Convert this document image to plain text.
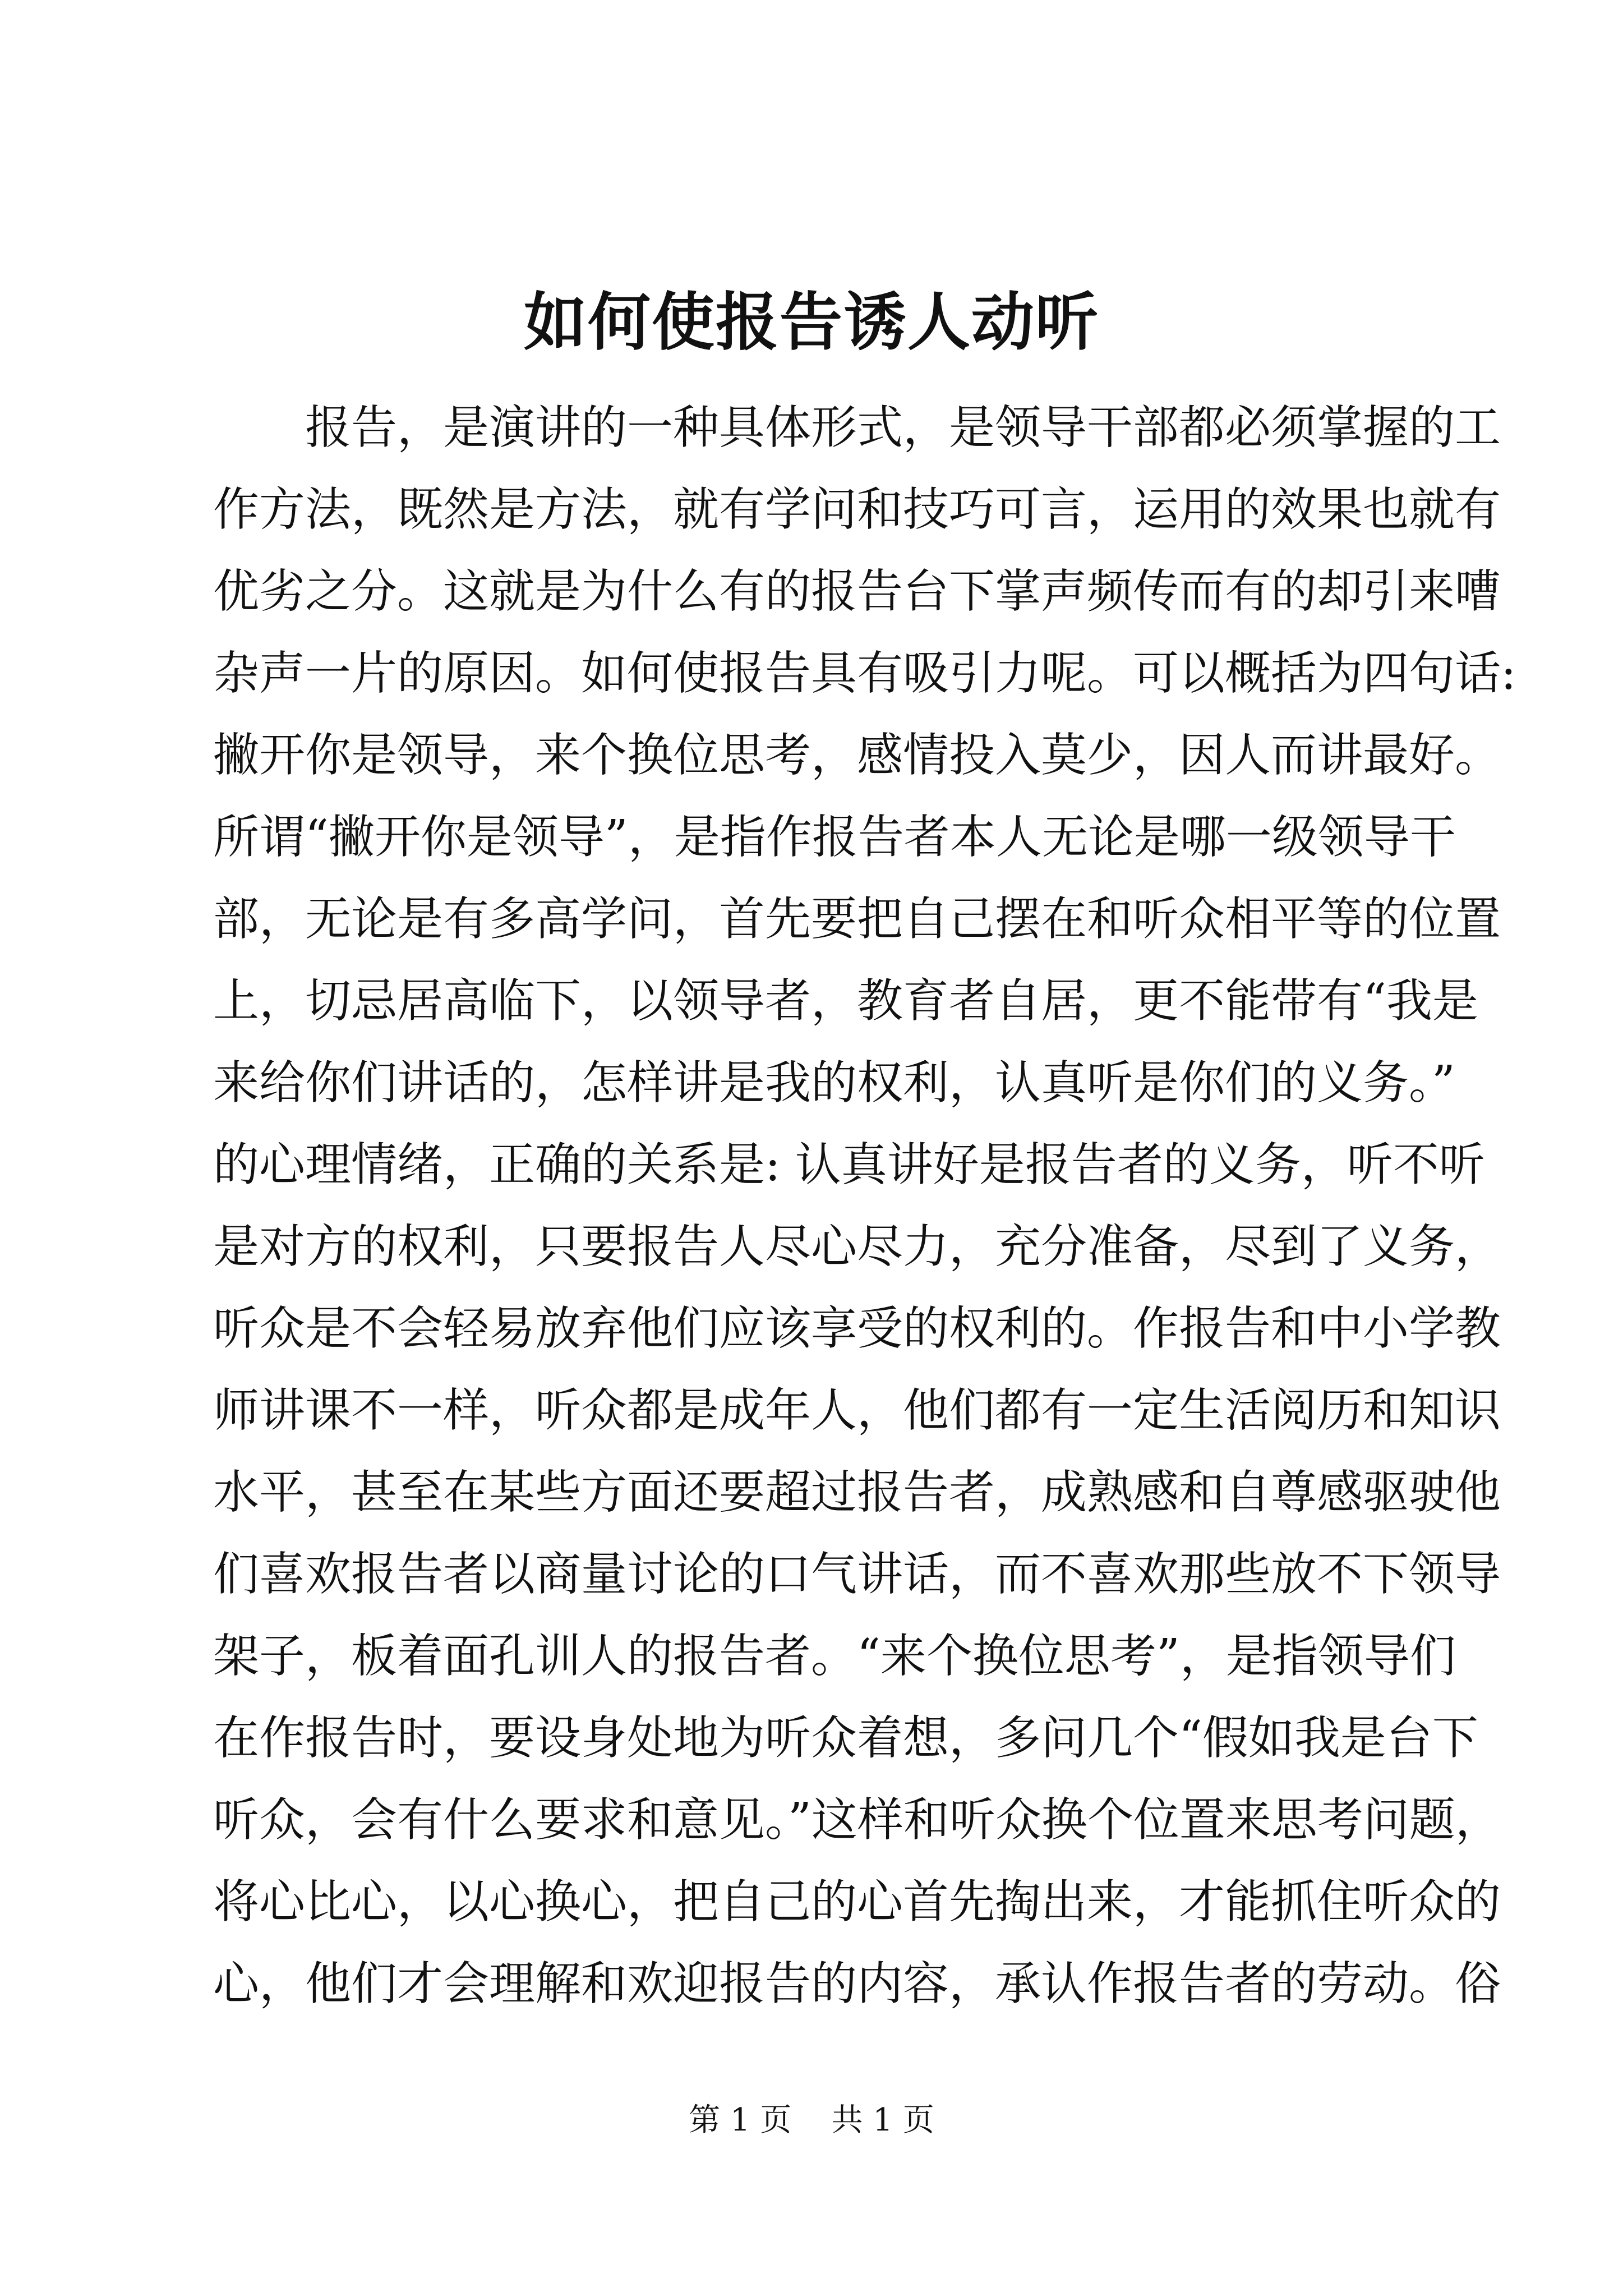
如何使报告诱人动听
报告，是演讲的一种具体形式，是领导干部都必须掌握的工
作方法，既然是方法，就有学问和技巧可言，运用的效果也就有
优劣之分。这就是为什么有的报告台下掌声频传而有的却引来嘈
杂声一片的原因。如何使报告具有吸引力呢。可以概括为四句话:
撇开你是领导，来个换位思考，感情投入莫少，因人而讲最好。
所谓“撇开你是领导”，是指作报告者本人无论是哪一级领导干
部，无论是有多高学问，首先要把自己摆在和听众相平等的位置
上，切忌居高临下，以领导者，教育者自居，更不能带有“我是
来给你们讲话的，怎样讲是我的权利，认真听是你们的义务。”
的心理情绪，正确的关系是: 认真讲好是报告者的义务，听不听
是对方的权利，只要报告人尽心尽力，充分准备，尽到了义务，
听众是不会轻易放弃他们应该享受的权利的。作报告和中小学教
师讲课不一样，听众都是成年人，他们都有一定生活阅历和知识
水平，甚至在某些方面还要超过报告者，成熟感和自尊感驱驶他
们喜欢报告者以商量讨论的口气讲话，而不喜欢那些放不下领导
架子，板着面孔训人的报告者。“来个换位思考”，是指领导们
在作报告时，要设身处地为听众着想，多问几个“假如我是台下
听众，会有什么要求和意见。”这样和听众换个位置来思考问题，
将心比心，以心换心，把自己的心首先掏出来，才能抓住听众的
心，他们才会理解和欢迎报告的内容，承认作报告者的劳动。俗
第 1 页 共 1 页
